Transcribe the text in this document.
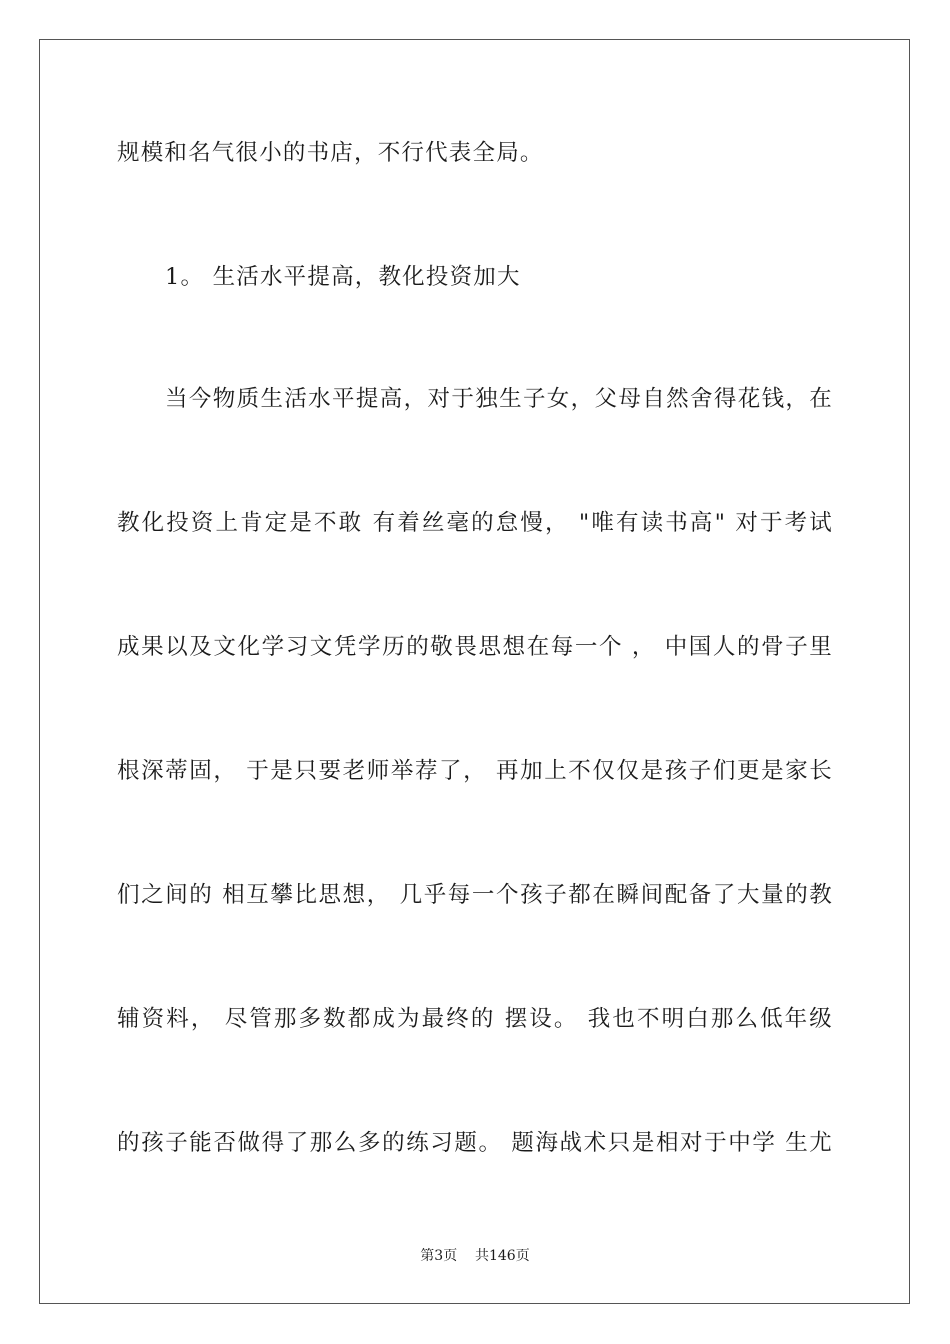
规模和名气很小的书店，不行代表全局。
1。 生活水平提高，教化投资加大
当今物质生活水平提高，对于独生子女，父母自然舍得花钱，在
教化投资上肯定是不敢 有着丝毫的怠慢， "唯有读书高" 对于考试
成果以及文化学习文凭学历的敬畏思想在每一个 ， 中国人的骨子里
根深蒂固， 于是只要老师举荐了， 再加上不仅仅是孩子们更是家长
们之间的 相互攀比思想， 几乎每一个孩子都在瞬间配备了大量的教
辅资料， 尽管那多数都成为最终的 摆设。 我也不明白那么低年级
的孩子能否做得了那么多的练习题。 题海战术只是相对于中学 生尤
第3页    共146页
